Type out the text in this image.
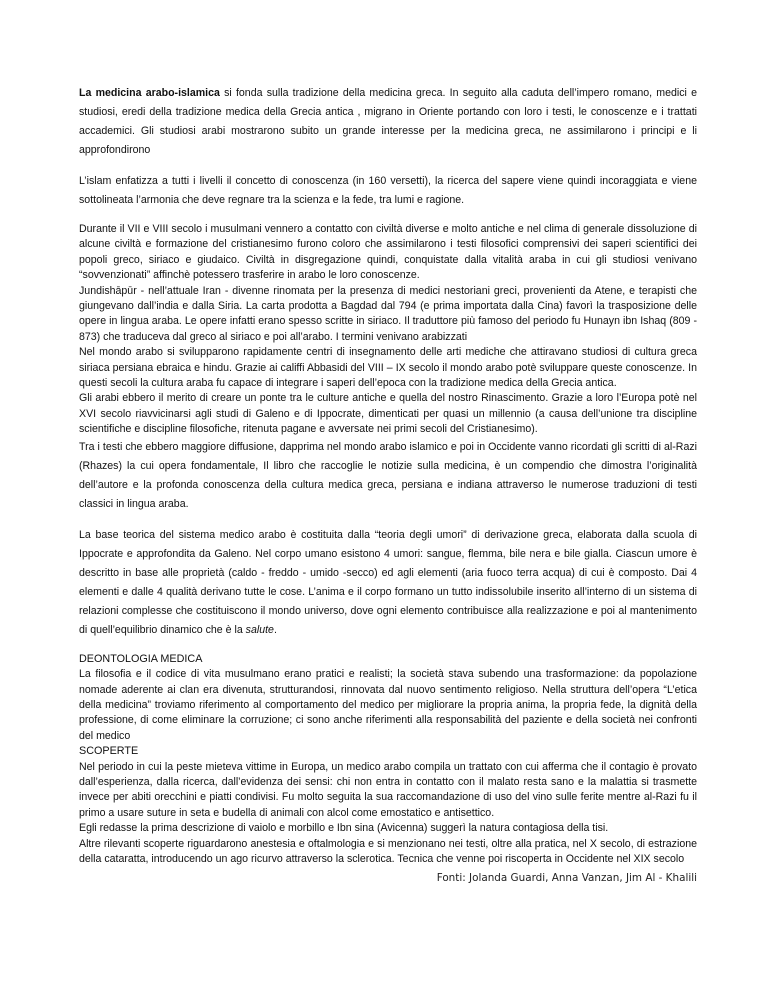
La medicina arabo-islamica si fonda sulla tradizione della medicina greca. In seguito alla caduta dell’impero romano, medici e studiosi, eredi della tradizione medica della Grecia antica , migrano in Oriente portando con loro i testi, le conoscenze e i trattati accademici. Gli studiosi arabi mostrarono subito un grande interesse per la medicina greca, ne assimilarono i principi e li approfondirono

L’islam enfatizza a tutti i livelli il concetto di conoscenza (in 160 versetti), la ricerca del sapere viene quindi incoraggiata e viene sottolineata l’armonia che deve regnare tra la scienza e la fede, tra lumi e ragione.

Durante il VII e VIII secolo i musulmani vennero a contatto con civiltà diverse e molto antiche e nel clima di generale dissoluzione di alcune civiltà e formazione del cristianesimo furono coloro che assimilarono i testi filosofici comprensivi dei saperi scientifici dei popoli greco, siriaco e giudaico. Civiltà in disgregazione quindi, conquistate dalla vitalità araba in cui gli studiosi venivano “sovvenzionati” affinchè potessero trasferire in arabo le loro conoscenze.

Jundishāpūr - nell’attuale Iran - divenne rinomata per la presenza di medici nestoriani greci, provenienti da Atene, e terapisti che giungevano dall’india e dalla Siria. La carta prodotta a Bagdad dal 794 (e prima importata dalla Cina) favorì la trasposizione delle opere in lingua araba. Le opere infatti erano spesso scritte in siriaco. Il traduttore più famoso del periodo fu Hunayn ibn Ishaq (809 - 873) che traduceva dal greco al siriaco e poi all’arabo. I termini venivano arabizzati

Nel mondo arabo si svilupparono rapidamente centri di insegnamento delle arti mediche che attiravano studiosi di cultura greca siriaca persiana ebraica e hindu. Grazie ai califfi Abbasidi del VIII – IX secolo il mondo arabo potè sviluppare queste conoscenze. In questi secoli la cultura araba fu capace di integrare i saperi dell’epoca con la tradizione medica della Grecia antica.

Gli arabi ebbero il merito di creare un ponte tra le culture antiche e quella del nostro Rinascimento. Grazie a loro l’Europa potè nel XVI secolo riavvicinarsi agli studi di Galeno e di Ippocrate, dimenticati per quasi un millennio (a causa dell’unione tra discipline scientifiche e discipline filosofiche, ritenuta pagane e avversate nei primi secoli del Cristianesimo).

Tra i testi che ebbero maggiore diffusione, dapprima nel mondo arabo islamico e poi in Occidente vanno ricordati gli scritti di al-Razi (Rhazes) la cui opera fondamentale, Il libro che raccoglie le notizie sulla medicina, è un compendio che dimostra l’originalità dell’autore e la profonda conoscenza della cultura medica greca, persiana e indiana attraverso le numerose traduzioni di testi classici in lingua araba.

La base teorica del sistema medico arabo è costituita dalla “teoria degli umori” di derivazione greca, elaborata dalla scuola di Ippocrate e approfondita da Galeno. Nel corpo umano esistono 4 umori: sangue, flemma, bile nera e bile gialla. Ciascun umore è descritto in base alle proprietà (caldo - freddo - umido -secco) ed agli elementi (aria fuoco terra acqua) di cui è composto. Dai 4 elementi e dalle 4 qualità derivano tutte le cose. L’anima e il corpo formano un tutto indissolubile inserito all’interno di un sistema di relazioni complesse che costituiscono il mondo universo, dove ogni elemento contribuisce alla realizzazione e poi al mantenimento di quell’equilibrio dinamico che è la salute.

DEONTOLOGIA MEDICA

La filosofia e il codice di vita musulmano erano pratici e realisti; la società stava subendo una trasformazione: da popolazione nomade aderente ai clan era divenuta, strutturandosi, rinnovata dal nuovo sentimento religioso. Nella struttura dell’opera “L’etica della medicina” troviamo riferimento al comportamento del medico per migliorare la propria anima, la propria fede, la dignità della professione, di come eliminare la corruzione; ci sono anche riferimenti alla responsabilità del paziente e della società nei confronti del medico

SCOPERTE

Nel periodo in cui la peste mieteva vittime in Europa, un medico arabo compila un trattato con cui afferma che il contagio è provato dall’esperienza, dalla ricerca, dall’evidenza dei sensi: chi non entra in contatto con il malato resta sano e la malattia si trasmette invece per abiti orecchini e piatti condivisi. Fu molto seguita la sua raccomandazione di uso del vino sulle ferite mentre al-Razi fu il primo a usare suture in seta e budella di animali con alcol come emostatico e antisettico.

Egli redasse la prima descrizione di vaiolo e morbillo e Ibn sina (Avicenna) suggerì la natura contagiosa della tisi.

Altre rilevanti scoperte riguardarono anestesia e oftalmologia e si menzionano nei testi, oltre alla pratica, nel X secolo, di estrazione della cataratta, introducendo un ago ricurvo attraverso la sclerotica. Tecnica che venne poi riscoperta in Occidente nel XIX secolo

Fonti: Jolanda Guardi, Anna Vanzan, Jim Al - Khalili
